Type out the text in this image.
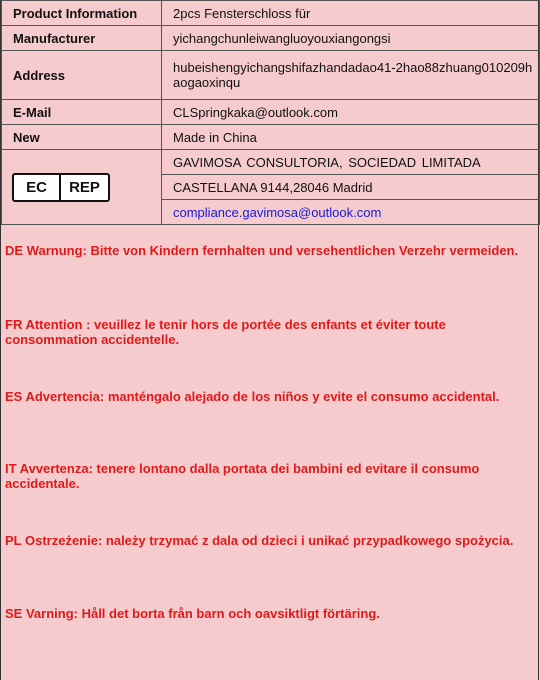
Product Information	2pcs Fensterschloss für
Manufacturer	yichangchunleiwangluoyouxiangongsi
Address	hubeishengyichangshifazhandadao41-2hao88zhuang010209haogaoxinqu

E-Mail	CLSpringkaka@outlook.com
New	Made in China

EC REP	GAVIMOSA CONSULTORIA, SOCIEDAD LIMITADA
	CASTELLANA 9144,28046 Madrid
	compliance.gavimosa@outlook.com
DE Warnung: Bitte von Kindern fernhalten und versehentlichen Verzehr vermeiden.
FR Attention : veuillez le tenir hors de portée des enfants et éviter toute consommation accidentelle.
ES Advertencia: manténgalo alejado de los niños y evite el consumo accidental.
IT Avvertenza: tenere lontano dalla portata dei bambini ed evitare il consumo accidentale.
PL Ostrzeżenie: należy trzymać z dala od dzieci i unikać przypadkowego spożycia.
SE Varning: Håll det borta från barn och oavsiktligt förtäring.
